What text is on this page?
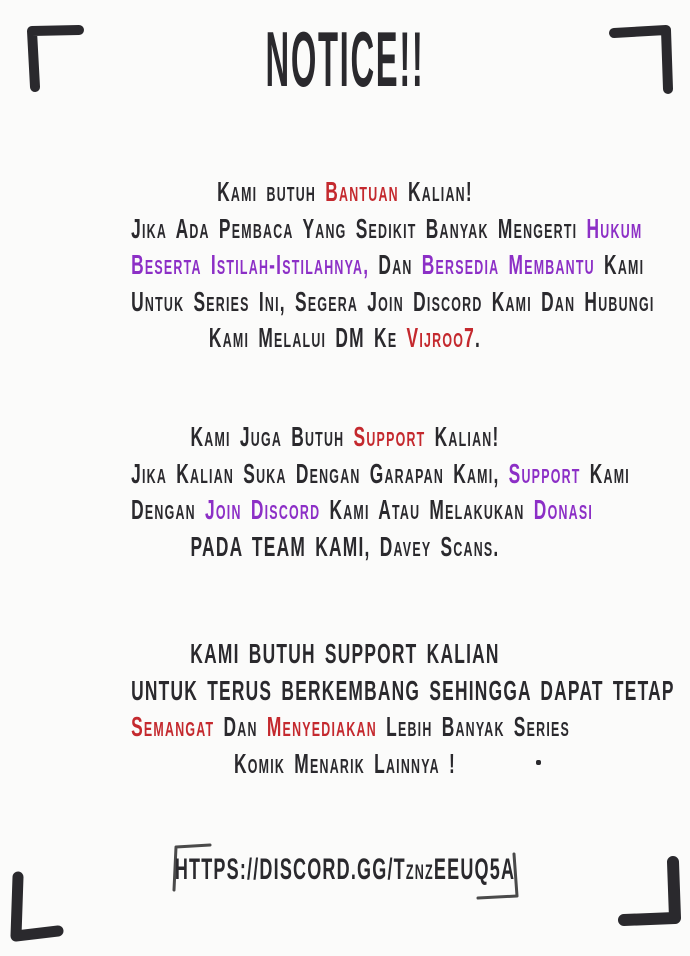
NOTICE!!
Kami butuh Bantuan Kalian!
Jika Ada Pembaca Yang Sedikit Banyak Mengerti Hukum
Beserta Istilah-Istilahnya, Dan Bersedia Membantu Kami
Untuk Series Ini, Segera Join Discord Kami Dan Hubungi
Kami Melalui DM Ke Vijroo7.
Kami Juga Butuh Support Kalian!
Jika Kalian Suka Dengan Garapan Kami, Support Kami
Dengan Join Discord Kami Atau Melakukan Donasi
PADA TEAM KAMI, Davey Scans.
KAMI BUTUH SUPPORT KALIAN
UNTUK TERUS BERKEMBANG SEHINGGA DAPAT TETAP
Semangat Dan Menyediakan Lebih Banyak Series
Komik Menarik Lainnya !
HTTPS://DISCORD.GG/TznzEEUQ5A
